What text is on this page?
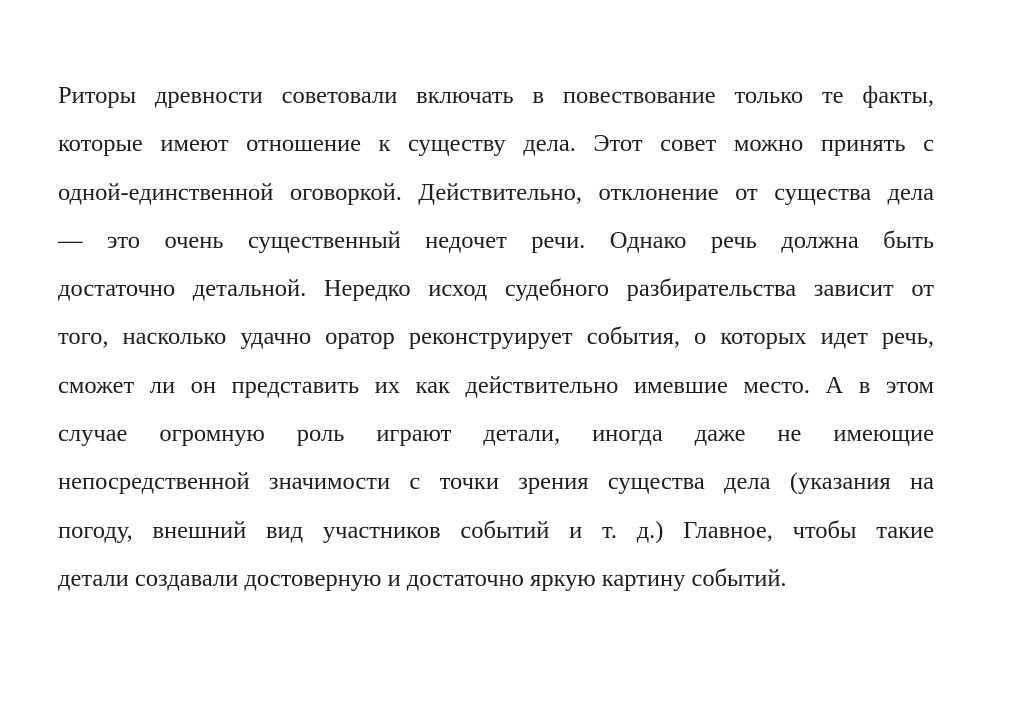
Риторы древности советовали включать в повествование только те факты,
которые имеют отношение к существу дела. Этот совет можно принять с
одной-единственной оговоркой. Действительно, отклонение от существа дела
— это очень существенный недочет речи. Однако речь должна быть
достаточно детальной. Нередко исход судебного разбирательства зависит от
того, насколько удачно оратор реконструирует события, о которых идет речь,
сможет ли он представить их как действительно имевшие место. А в этом
случае огромную роль играют детали, иногда даже не имеющие
непосредственной значимости с точки зрения существа дела (указания на
погоду, внешний вид участников событий и т. д.) Главное, чтобы такие
детали создавали достоверную и достаточно яркую картину событий.
